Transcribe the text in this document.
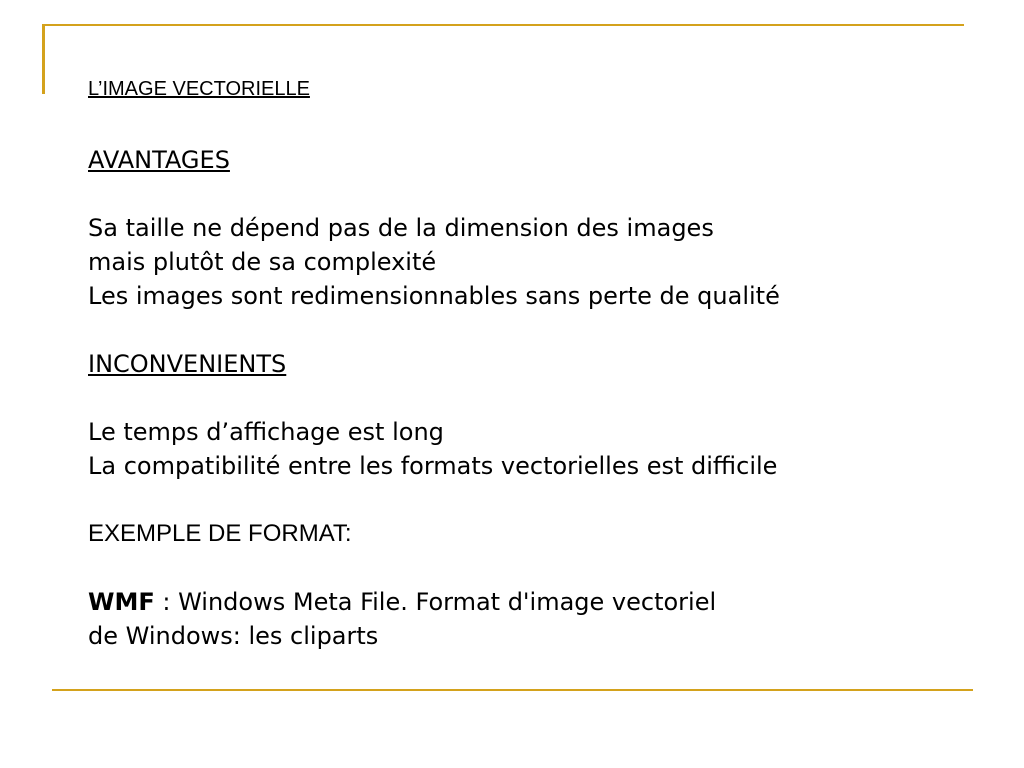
L’IMAGE VECTORIELLE
AVANTAGES
Sa taille ne dépend pas de la dimension des images
mais plutôt de sa complexité
Les images sont redimensionnables sans perte de qualité
INCONVENIENTS
Le temps d’affichage est long
La compatibilité entre les formats vectorielles est difficile
EXEMPLE DE FORMAT:
WMF : Windows Meta File. Format d'image vectoriel
de Windows: les cliparts
